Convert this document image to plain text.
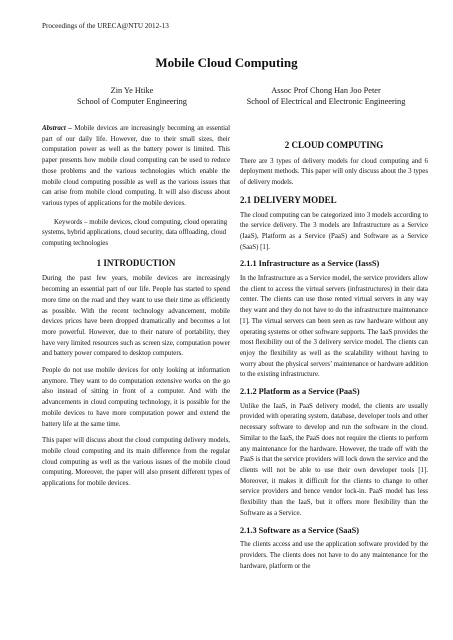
Proceedings of the URECA@NTU 2012-13
Mobile Cloud Computing
Zin Ye Htike
School of Computer Engineering
Assoc Prof Chong Han Joo Peter
School of Electrical and Electronic Engineering

Abstract – Mobile devices are increasingly becoming an essential part of our daily life. However, due to their small sizes, their computation power as well as the battery power is limited. This paper presents how mobile cloud computing can be used to reduce those problems and the various technologies which enable the mobile cloud computing possible as well as the various issues that can arise from mobile cloud computing. It will also discuss about various types of applications for the mobile devices.

Keywords – mobile devices, cloud computing, cloud operating systems, hybrid applications, cloud security, data offloading, cloud computing technologies

1 INTRODUCTION

During the past few years, mobile devices are increasingly becoming an essential part of our life. People has started to spend more time on the road and they want to use their time as efficiently as possible. With the recent technology advancement, mobile devices prices have been dropped dramatically and becomes a lot more powerful. However, due to their nature of portability, they have very limited resources such as screen size, computation power and battery power compared to desktop computers.

People do not use mobile devices for only looking at information anymore. They want to do computation extensive works on the go also instead of sitting in front of a computer. And with the advancements in cloud computing technology, it is possible for the mobile devices to have more computation power and extend the battery life at the same time.

This paper will discuss about the cloud computing delivery models, mobile cloud computing and its main difference from the regular cloud computing as well as the various issues of the mobile cloud computing. Moreover, the paper will also present different types of applications for mobile devices.

2 CLOUD COMPUTING

There are 3 types of delivery models for cloud computing and 6 deployment methods. This paper will only discuss about the 3 types of delivery models.

2.1 DELIVERY MODEL

The cloud computing can be categorized into 3 models according to the service delivery. The 3 models are Infrastructure as a Service (IaaS), Platform as a Service (PaaS) and Software as a Service (SaaS) [1].

2.1.1 Infrastructure as a Service (IassS)

In the Infrastructure as a Service model, the service providers allow the client to access the virtual servers (infrastructures) in their data center. The clients can use those rented virtual servers in any way they want and they do not have to do the infrastructure maintenance [1]. The virtual servers can been seen as raw hardware without any operating systems or other software supports. The IaaS provides the most flexibility out of the 3 delivery service model. The clients can enjoy the flexibility as well as the scalability without having to worry about the physical servers’ maintenance or hardware addition to the existing infrastructure.

2.1.2 Platform as a Service (PaaS)

Unlike the IaaS, in PaaS delivery model, the clients are usually provided with operating system, database, developer tools and other necessary software to develop and run the software in the cloud. Similar to the IaaS, the PaaS does not require the clients to perform any maintenance for the hardware. However, the trade off with the PaaS is that the service providers will lock down the service and the clients will not be able to use their own developer tools [1]. Moreover, it makes it difficult for the clients to change to other service providers and hence vendor lock-in. PaaS model has less flexibility than the IaaS, but it offers more flexibility than the Software as a Service.

2.1.3 Software as a Service (SaaS)

The clients access and use the application software provided by the providers. The clients does not have to do any maintenance for the hardware, platform or the
